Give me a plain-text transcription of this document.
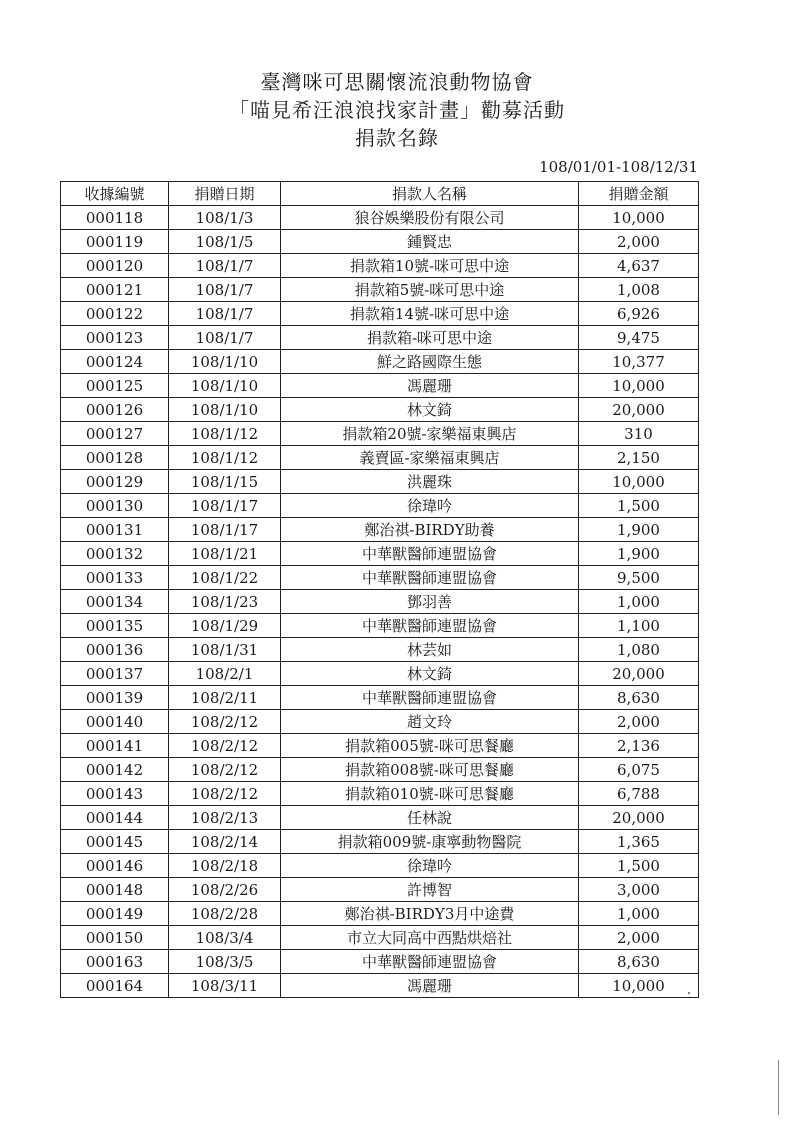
臺灣咪可思關懷流浪動物協會
「喵見希汪浪浪找家計畫」勸募活動
捐款名錄
108/01/01-108/12/31
收據編號	捐贈日期	捐款人名稱	捐贈金額
000118	108/1/3	狼谷娛樂股份有限公司	10,000
000119	108/1/5	鍾賢忠	2,000
000120	108/1/7	捐款箱10號-咪可思中途	4,637
000121	108/1/7	捐款箱5號-咪可思中途	1,008
000122	108/1/7	捐款箱14號-咪可思中途	6,926
000123	108/1/7	捐款箱-咪可思中途	9,475
000124	108/1/10	鮮之路國際生態	10,377
000125	108/1/10	馮麗珊	10,000
000126	108/1/10	林文錡	20,000
000127	108/1/12	捐款箱20號-家樂福東興店	310
000128	108/1/12	義賣區-家樂福東興店	2,150
000129	108/1/15	洪麗珠	10,000
000130	108/1/17	徐瑋吟	1,500
000131	108/1/17	鄭治祺-BIRDY助養	1,900
000132	108/1/21	中華獸醫師連盟協會	1,900
000133	108/1/22	中華獸醫師連盟協會	9,500
000134	108/1/23	鄧羽善	1,000
000135	108/1/29	中華獸醫師連盟協會	1,100
000136	108/1/31	林芸如	1,080
000137	108/2/1	林文錡	20,000
000139	108/2/11	中華獸醫師連盟協會	8,630
000140	108/2/12	趙文玲	2,000
000141	108/2/12	捐款箱005號-咪可思餐廳	2,136
000142	108/2/12	捐款箱008號-咪可思餐廳	6,075
000143	108/2/12	捐款箱010號-咪可思餐廳	6,788
000144	108/2/13	任林說	20,000
000145	108/2/14	捐款箱009號-康寧動物醫院	1,365
000146	108/2/18	徐瑋吟	1,500
000148	108/2/26	許博智	3,000
000149	108/2/28	鄭治祺-BIRDY3月中途費	1,000
000150	108/3/4	市立大同高中西點烘焙社	2,000
000163	108/3/5	中華獸醫師連盟協會	8,630
000164	108/3/11	馮麗珊	10,000
